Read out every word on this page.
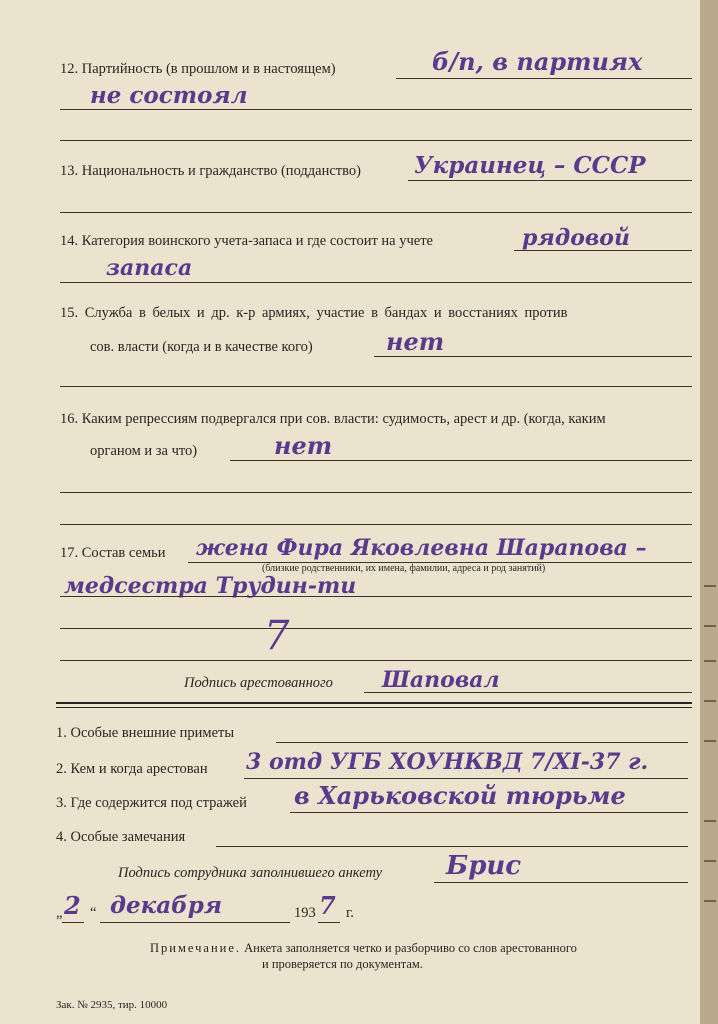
12. Партийность (в прошлом и в настоящем)	б/п, в партиях
не состоял
13. Национальность и гражданство (подданство) Украинец – СССР
14. Категория воинского учета-запаса и где состоит на учете	рядовой
запаса
15. Служба в белых и др. к-р армиях, участие в бандах и восстаниях против
сов. власти (когда и в качестве кого)	нет
16. Каким репрессиям подвергался при сов. власти: судимость, арест и др. (когда, каким
органом и за что)	нет
17. Состав семьи жена Фира Яковлевна Шарапова –
(близкие родственники, их имена, фамилии, адреса и род занятий)
медсестра Трудин-ти
7
Подпись арестованного Шаповал
1. Особые внешние приметы
2. Кем и когда арестован 3 отд УГБ ХОУНКВД 7/XI-37 г.
3. Где содержится под стражей в Харьковской тюрьме
4. Особые замечания
Подпись сотрудника заполнившего анкету Брис
„ 2 “ декабря	193 7 г.
Примечание. Анкета заполняется четко и разборчиво со слов арестованного
и проверяется по документам.
Зак. № 2935, тир. 10000
